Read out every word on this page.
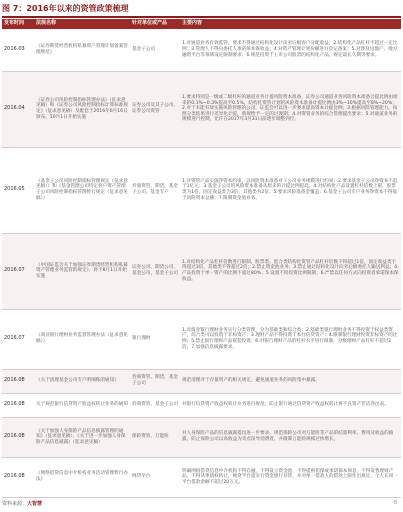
图 7：2016年以来的资管政策梳理
发布时间	法规名称	针对单位或产品	主要内容
2016.03	《证券期货经营机构私募资产管理计划备案管理规范》	基金子公司	1.对通道业务有效监管，要求不得通过结构化设计向劣后级客户分配收益；2.结构化产品杠杆不超过一定比例；3.管理人不得向委托人承诺保本保收益；4.对资产管理计划份额进行登记备案；5.对涉及房地产、地方融资平台等领域设定限制要求；6.规范投资于上市公司股票的结构化产品，规定最长久期等要求。
2016.04	《证券公司风险控制指标管理办法》（征求意见稿）和《证券公司风险控制指标计算标准规定》（征求意见稿）及配套于2016年6月16日颁布，10月1日开始实施	证券公司及其子公司、证券公司资管	1.要求特别是一级或二级杠杆的通道业务计提风险资本准备，证券公司通道业务风险资本准备计提比例由原来的0.1%~0.3%提高至0.5%，结构化资管计划的风险资本准备计提比例由3%~10%提高至8%~20%；2.对于未能有效实施风险管理的公司，证监会可以进一步要求提高资本计提比例；3.根据风险管理能力，按照分类结果进行差异化计提，新规给予一定的过渡期；4.对资管业务的综合管理提出要求；5.对通道业务的规模进行控制，允许在2017年3月31日前逐步调整到位。
2016.05	《基金子公司风险控制指标管理规定（征求意见稿）》和《基金管理公司特定客户资产管理子公司风险控制指标管理暂行规定（征求意见稿）》	券商资管、期货、基金子公司、基金专户	1.对资管产品实施净资本约束，以风险资本准备对子公司业务规模进行约束；2.要求基金子公司净资本不低于1亿元；3.基金子公司的风险资本准备从原来的计提比例提高；4.对结构化产品设置杠杆倍数上限，股票类为1倍，固定收益类为3倍，其他类为2倍；5.要求风险准备金覆盖；6.基金子公司专户业务净资本不得低于风险资本总额；7.限制资金池业务。
2016.07	《中国证监会关于加强证券期货经营机构私募资产管理业务监管的规定》，将于8月1日开始实施	证券公司、期货公司、基金公司、基金子公司	1.对结构化产品杠杆倍数进行限制，股票类、混合类结构化资管产品杠杆倍数不得超过1倍，固定收益类不得超过3倍，其他类不得超过2倍；2.禁止资金池业务；3.禁止通过结构化设计向劣后级委托人输送利益；4.产品投资于单一资产的比例不超过80%；5.设置不同投资比例限制；6.严禁以任何方式向投资者承诺保本保收益。
2016.07	《商业银行理财业务监督管理办法（征求意见稿）》	银行理财	1.对商业银行理财业务实行分类管理，分为基础类和综合类；2.基础类银行理财业务不得投资于权益类资产，综合类可以投资于非标资产；3.理财产品不得投资于本行信贷资产；4.限制银行理财投资非标资产的比例；5.禁止银行理财产品嵌套投资；6.对银行理财产品的杠杆水平进行限制，分级理财产品杠杆不超过2倍；7.加强信息披露要求。
2016.08	《关于清理基金公司专户明细账的通知》	券商资管、期货、基金子公司	规范清理对于存量资产的相关规定，避免通道业务的风险集中暴露。
2016.08	关于规范银行信贷资产收益权转让业务的通知	券商资管、基金子公司	对银行信贷资产收益权转让业务进行规范，防止银行通过信贷资产收益权转让将不良资产非洁净出表。
2016.08	《关于加强人身保险产品信息披露管理的通知》（征求意见稿）、《关于进一步加强人身保险产品信息披露》（征求意见稿）	保险资管、万能险	对人身保险产品的信息披露提出进一步要求，规范保险公司对万能险等产品的结算利率、费用及收益的披露，防止保险公司以高收益为卖点误导消费者，并限制万能险规模过快增长。
2016.08	《网络借贷信息中介机构业务活动管理暂行办法》	网贷平台	明确网络借贷信息中介机构不得自融，不得设立资金池，不得提供担保或承诺保本保息，不得发售理财产品，不得从事债权转让，网贷平台需实行资金银行存管，并对单一借款人的借款上限作出规定，个人在同一平台借款余额不超过20万元。
资料来源：大智慧	·8
